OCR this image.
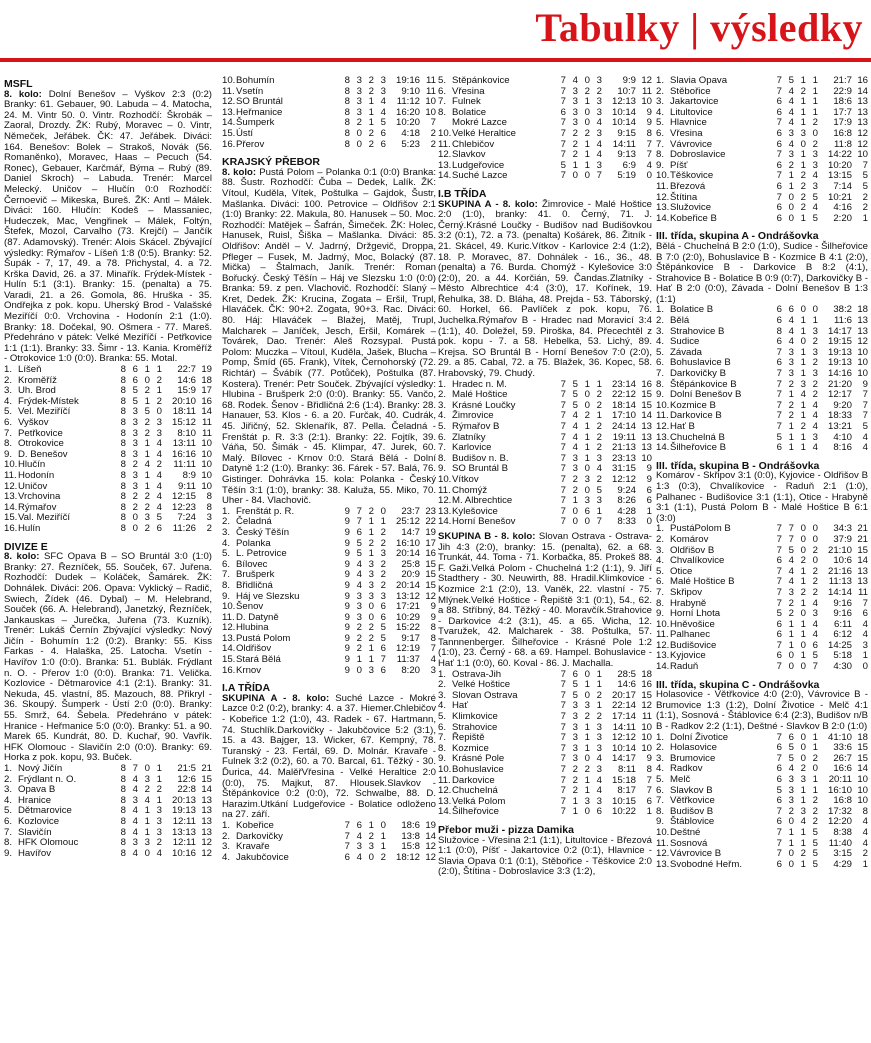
Tabulky | výsledky
MSFL
8. kolo: Dolní Benešov – Vyškov 2:3 (0:2) Branky: 61. Gebauer, 90. Labuda – 4. Matocha, 24. M. Vintr 50. 0. Vintr. Rozhodčí: Škrobák – Zaoral, Drozdy. ŽK: Rubý, Moravec – 0. Vintr, Němeček, Jeřábek. ČK: 47. Jeřábek. Diváci: 164. Benešov: Bolek – Strakoš, Novák (56. Romaněnko), Moravec, Haas – Pecuch (54. Ronec), Gebauer, Karčmář, Býma – Rubý (89. Daniel Skroch) – Labuda. Trenér: Marcel Melecký. Uničov – Hlučín 0:0 Rozhodčí: Černoevič – Mikeska, Bureš. ŽK: Antl – Málek. Diváci: 160. Hlučín: Kodeš – Massaniec, Hudeczek, Mac, Vengřinek – Málek, Foltýn, Štefek, Mozol, Carvalho (73. Krejčí) – Jančík (87. Adamovský). Trenér: Alois Skácel. Zbývající výsledky: Rýmařov - Líšeň 1:8 (0:5). Branky: 52. Šupák - 7, 17, 49. a 78. Přichystal, 4. a 72. Krška David, 26. a 37. Minařík. Frýdek-Místek - Hulín 5:1 (3:1). Branky: 15. (penalta) a 75. Varadi, 21. a 26. Gomola, 86. Hruška - 35. Ondřejka z pok. kopu. Uherský Brod - Valašské Meziříčí 0:0. Vrchovina - Hodonín 2:1 (1:0). Branky: 18. Dočekal, 90. Ošmera - 77. Mareš. Předehráno v pátek: Velké Meziříčí - Petřkovice 1:1 (1:1). Branky: 33. Šimr - 13. Kania. Kroměříž - Otrokovice 1:0 (0:0). Branka: 55. Motal.
1.	Líšeň	8	6	1	1	22:7	19
2.	Kroměříž	8	6	0	2	14:6	18
3.	Uh. Brod	8	5	2	1	15:9	17
4.	Frýdek-Místek	8	5	1	2	20:10	16
5.	Vel. Meziříčí	8	3	5	0	18:11	14
6.	Vyškov	8	3	2	3	15:12	11
7.	Petřkovice	8	3	2	3	8:10	11
8.	Otrokovice	8	3	1	4	13:11	10
9.	D. Benešov	8	3	1	4	16:16	10
10.	Hlučín	8	2	4	2	11:11	10
11.	Hodonín	8	3	1	4	8:9	10
12.	Uničov	8	3	1	4	9:11	10
13.	Vrchovina	8	2	2	4	12:15	8
14.	Rýmařov	8	2	2	4	12:23	8
15.	Val. Meziříčí	8	0	3	5	7:24	3
16.	Hulín	8	0	2	6	11:26	2
DIVIZE E
8. kolo: SFC Opava B – SO Bruntál 3:0 (1:0) Branky: 27. Řezníček, 55. Souček, 67. Juřena. Rozhodčí: Dudek – Koláček, Šamárek. ŽK: Dohnálek. Diváci: 206. Opava: Vyklický – Radič, Swiech, Žídek (46. Dybal) – M. Helebrand, Souček (66. A. Helebrand), Janetzký, Řezníček, Jankauskas – Jurečka, Juřena (73. Kuzník). Trenér: Lukáš Černín Zbývající výsledky: Nový Jičín - Bohumín 1:2 (0:2). Branky: 55. Kiss Farkas - 4. Halaška, 25. Latocha. Vsetín - Havířov 1:0 (0:0). Branka: 51. Bublák. Frýdlant n. O. - Přerov 1:0 (0:0). Branka: 71. Velička. Kozlovice - Dětmarovice 4:1 (2:1). Branky: 31. Nekuda, 45. vlastní, 85. Mazouch, 88. Přikryl - 36. Skoupý. Šumperk - Ústí 2:0 (0:0). Branky: 55. Smrž, 64. Šebela. Předehráno v pátek: Hranice - Heřmanice 5:0 (0:0). Branky: 51. a 90. Marek 65. Kundrát, 80. D. Kuchař, 90. Vavřík. HFK Olomouc - Slavičín 2:0 (0:0). Branky: 69. Horka z pok. kopu, 93. Buček.
1.	Nový Jičín	8	7	0	1	21:5	21
2.	Frýdlant n. O.	8	4	3	1	12:6	15
3.	Opava B	8	4	2	2	22:8	14
4.	Hranice	8	3	4	1	20:13	13
5.	Dětmarovice	8	4	1	3	19:13	13
6.	Kozlovice	8	4	1	3	12:11	13
7.	Slavičín	8	4	1	3	13:13	13
8.	HFK Olomouc	8	3	3	2	12:11	12
9.	Havířov	8	4	0	4	10:16	12
10.	Bohumín	8	3	2	3	19:16	11
11.	Vsetín	8	3	2	3	9:10	11
12.	SO Bruntál	8	3	1	4	11:12	10
13.	Heřmanice	8	3	1	4	16:20	10
14.	Šumperk	8	2	1	5	10:20	7
15.	Ústí	8	0	2	6	4:18	2
16.	Přerov	8	0	2	6	5:23	2
KRAJSKÝ PŘEBOR
8. kolo: Pustá Polom – Polanka 0:1 (0:0) Branka: 88. Šustr. Rozhodčí: Čuba – Dedek, Lalík. ŽK: Vítoul, Kuděla, Vítek, Poštulka – Gajdok, Šustr, Mašlanka. Diváci: 100. Petrovice – Oldřišov 2:1 (1:0) Branky: 22. Makula, 80. Hanusek – 50. Moc. Rozhodčí: Matějek – Šafrán, Šimeček. ŽK: Holec, Hanusek, Ruisl, Šiška – Mašlanka. Diváci: 85. Oldřišov: Anděl – V. Jadrný, Držgevič, Droppa, Pfleger – Fusek, M. Jadrný, Moc, Bolacký (87. Mička) – Štalmach, Janík. Trenér: Roman Bořucký. Český Těšín – Háj ve Slezsku 1:0 (0:0) Branka: 59. z pen. Vlachovič. Rozhodčí: Slaný – Kret, Dedek. ŽK: Krucina, Zogata – Eršil, Trupl, Hlaváček. ČK: 90+2. Zogata, 90+3. Rac. Diváci: 80. Háj: Hlaváček – Blažej, Matěj, Trupl, Malcharek – Janíček, Jesch, Eršil, Komárek – Továrek, Dao. Trenér: Aleš Rozsypal. Pustá Polom: Muczka – Vítoul, Kuděla, Jašek, Blucha – Pomp, Šmíd (65. Frank), Vítek, Černohorský (72. Richtár) – Švábík (77. Potůček), Poštulka (87. Kostera). Trenér: Petr Souček. Zbývající výsledky: Hlubina - Brušperk 2:0 (0:0). Branky: 55. Vančo, 68. Rodek. Šenov - Břidličná 2:6 (1:4). Branky: 28. Hanauer, 53. Klos - 6. a 20. Furčak, 40. Cudrák, 45. Jiřičný, 52. Sklenařík, 87. Pella. Čeladná - Frenštát p. R. 3:3 (2:1). Branky: 22. Fojtík, 39. Váňa, 50. Šimák - 45. Klimpar, 47. Jurek, 60. Malý. Bílovec - Krnov 0:0. Stará Bělá - Dolní Datyně 1:2 (1:0). Branky: 36. Fárek - 57. Balá, 76. Gistinger. Dohrávka 15. kola: Polanka - Český Těšín 3:1 (1:0), branky: 38. Kaluža, 55. Miko, 70. Uher - 84. Vlachovič.
1.	Frenštát p. R.	9	7	2	0	23:7	23
2.	Čeladná	9	7	1	1	25:12	22
3.	Český Těšín	9	6	1	2	14:7	19
4.	Polanka	9	5	2	2	16:10	17
5.	L. Petrovice	9	5	1	3	20:14	16
6.	Bílovec	9	4	3	2	25:8	15
7.	Brušperk	9	4	3	2	20:9	15
8.	Břidličná	9	4	3	2	20:14	15
9.	Háj ve Slezsku	9	3	3	3	13:12	12
10.	Šenov	9	3	0	6	17:21	9
11.	D. Datyně	9	3	0	6	10:29	9
12.	Hlubina	9	2	2	5	15:22	8
13.	Pustá Polom	9	2	2	5	9:17	8
14.	Oldřišov	9	2	1	6	12:19	7
15.	Stará Bělá	9	1	1	7	11:37	4
16.	Krnov	9	0	3	6	8:20	3
I.A TŘÍDA
SKUPINA A - 8. kolo: Suché Lazce - Mokré Lazce 0:2 (0:2), branky: 4. a 37. Hiemer.Chlebičov - Kobeřice 1:2 (1:0), 43. Radek - 67. Hartmann, 74. Stuchlík.Darkovičky - Jakubčovice 5:2 (3:1), 15. a 43. Bajger, 13. Wicker, 67. Kempný, 78. Turanský - 23. Fertál, 69. D. Molnár. Kravaře - Fulnek 3:2 (0:2), 60. a 70. Barcal, 61. Těžký - 30. Ďurica, 44. MalěřVřesina - Velké Heraltice 2:0 (0:0), 75. Majkut, 87. Hlousek.Slavkov - Štěpánkovice 0:2 (0:0), 72. Schwalbe, 88. D. Harazim.Utkání Ludgeřovice - Bolatice odloženo na 27. září.
1.	Kobeřice	7	6	1	0	18:6	19
2.	Darkovičky	7	4	2	1	13:8	14
3.	Kravaře	7	3	3	1	15:8	12
4.	Jakubčovice	6	4	0	2	18:12	12
5.	Štěpánkovice	7	4	0	3	9:9	12
6.	Vřesina	7	3	2	2	10:7	11
7.	Fulnek	7	3	1	3	12:13	10
8.	Bolatice	6	3	0	3	10:14	9
	Mokré Lazce	7	3	0	4	10:14	9
10.	Velké Heraltice	7	2	2	3	9:15	8
11.	Chlebičov	7	2	1	4	14:11	7
12.	Slavkov	7	2	1	4	9:13	7
13.	Ludgeřovice	5	1	1	3	6:9	4
14.	Suché Lazce	7	0	0	7	5:19	0
I.B TŘÍDA
SKUPINA A - 8. kolo: Žimrovice - Malé Hoštice 2:0 (1:0), branky: 41. 0. Černý, 71. J. Černý.Krásné Loučky - Budišov nad Budišovkou 3:2 (0:1), 72. a 73. (penalta) Košárek, 86. Žitník - 21. Skácel, 49. Kuric.Vítkov - Karlovice 2:4 (1:2), 18. P. Moravec, 87. Dohnálek - 16., 36., 48. (penalta) a 76. Burda. Chomýž - Kylešovice 3:0 (2:0), 20. a 44. Korčián, 59. Čandas.Zlatníky - Město Albrechtice 4:4 (3:0), 17. Kořínek, 19. Řehulka, 38. D. Bláha, 48. Prejda - 53. Táborský, 60. Horkel, 66. Pavlíček z pok. kopu, 76. Juchelka.Rýmařov B - Hradec nad Moravicí 3:4 (1:1), 40. Doležel, 59. Piroška, 84. Přecechtěl z pok. kopu - 7. a 58. Hebelka, 53. Lichý, 89. Krejsa. SO Bruntál B - Horní Benešov 7:0 (2:0), 29. a 85. Cabal, 72. a 75. Blažek, 36. Kopec, 58. Hrabovský, 79. Chudý.
1.	Hradec n. M.	7	5	1	1	23:14	16
2.	Malé Hoštice	7	5	0	2	22:12	15
3.	Krásné Loučky	7	5	0	2	18:14	15
4.	Žimrovice	7	4	2	1	17:10	14
5.	Rýmařov B	7	4	1	2	24:14	13
6.	Zlatníky	7	4	1	2	19:11	13
7.	Karlovice	7	4	1	2	21:13	13
8.	Budišov n. B.	7	3	1	3	23:13	10
9.	SO Bruntál B	7	3	0	4	31:15	9
10.	Vítkov	7	2	3	2	12:12	9
11.	Chomýž	7	2	0	5	9:24	6
12.	M. Albrechtice	7	1	3	3	8:26	6
13.	Kylešovice	7	0	6	1	4:28	1
14.	Horní Benešov	7	0	0	7	8:33	0
SKUPINA B - 8. kolo: Slovan Ostrava - Ostrava-Jih 4:3 (2:0), branky: 15. (penalta), 62. a 68. Trunkát, 44. Toma - 71. Korbačka, 85. Prokeš 88. F. Gaži.Velká Polom - Chuchelná 1:2 (1:1), 9. Jiří Stadthery - 30. Neuwirth, 88. Hradil.Klimkovice - Kozmice 2:1 (2:0), 13. Vaněk, 22. vlastní - 75. Mlýnek.Velké Hoštice - Řepiště 3:1 (0:1), 54., 62. a 88. Stříbný, 84. Těžký - 40. Moravčík.Strahovice - Darkovice 4:2 (3:1), 45. a 65. Wicha, 12. Tvaružek, 42. Malcharek - 38. Poštulka, 57. Tannnenberger. Šilheřovice - Krásné Pole 1:2 (1:0), 23. Černý - 68. a 69. Hampel. Bohuslavice - Hať 1:1 (0:0), 60. Koval - 86. J. Machalla.
1.	Ostrava-Jih	7	6	0	1	28:5	18
2.	Velké Hoštice	7	5	1	1	14:6	16
3.	Slovan Ostrava	7	5	0	2	20:17	15
4.	Hať	7	3	3	1	22:14	12
5.	Klimkovice	7	3	2	2	17:14	11
6.	Strahovice	7	3	1	3	14:11	10
7.	Řepiště	7	3	1	3	12:12	10
8.	Kozmice	7	3	1	3	10:14	10
9.	Krásné Pole	7	3	0	4	14:17	9
10.	Bohuslavice	7	2	2	3	8:11	8
11.	Darkovice	7	2	1	4	15:18	7
12.	Chuchelná	7	2	1	4	8:17	7
13.	Velká Polom	7	1	3	3	10:15	6
14.	Šilheřovice	7	1	0	6	10:22	1
Přebor muži - pizza Damika
Služovice - Vřesina 2:1 (1:1), Litultovice - Březová 1:1 (0:0), Píšť - Jakartovice 0:2 (0:1), Hlavnice - Slavia Opava 0:1 (0:1), Stěbořice - Těškovice 2:0 (2:0), Štítina - Dobroslavice 3:3 (1:2),
1.	Slavia Opava	7	5	1	1	21:7	16
2.	Stěbořice	7	4	2	1	22:9	14
3.	Jakartovice	6	4	1	1	18:6	13
4.	Litultovice	6	4	1	1	17:7	13
5.	Hlavnice	7	4	1	2	17:9	13
6.	Vřesina	6	3	3	0	16:8	12
7.	Vávrovice	6	4	0	2	11:8	12
8.	Dobroslavice	7	3	1	3	14:22	10
9.	Píšť	6	2	1	3	10:20	7
10.	Těškovice	7	1	2	4	13:15	5
11.	Březová	6	1	2	3	7:14	5
12.	Štítina	7	0	2	5	10:21	2
13.	Služovice	6	0	2	4	4:16	2
14.	Kobeřice B	6	0	1	5	2:20	1
III. třída, skupina A - Ondrášovka
Bělá - Chuchelná B 2:0 (1:0), Sudice - Šilheřovice B 7:0 (2:0), Bohuslavice B - Kozmice B 4:1 (2:0), Štěpánkovice B - Darkovice B 8:2 (4:1), Strahovice B - Bolatice B 0:9 (0:7), Darkovičky B - Hať B 2:0 (0:0), Závada - Dolní Benešov B 1:3 (1:1)
1.	Bolatice B	6	6	0	0	38:2	18
2.	Bělá	6	4	1	1	11:6	13
3.	Strahovice B	8	4	1	3	14:17	13
4.	Sudice	6	4	0	2	19:15	12
5.	Závada	7	3	1	3	19:13	10
6.	Bohuslavice B	6	3	1	2	19:13	10
7.	Darkovičky B	7	3	1	3	14:16	10
8.	Štěpánkovice B	7	2	3	2	21:20	9
9.	Dolní Benešov B	7	1	4	2	12:17	7
10.	Kozmice B	7	2	1	4	9:20	7
11.	Darkovice B	7	2	1	4	18:33	7
12.	Hať B	7	1	2	4	13:21	5
13.	Chuchelná B	5	1	1	3	4:10	4
14.	Šilheřovice B	6	1	1	4	8:16	4
III. třída, skupina B - Ondrášovka
Komárov - Skřipov 3:1 (0:0), Kyjovice - Oldřišov B 1:3 (0:3), Chvalíkovice - Raduň 2:1 (1:0), Palhanec - Budišovice 3:1 (1:1), Otice - Hrabyně 3:1 (1:1), Pustá Polom B - Malé Hoštice B 6:1 (3:0)
1.	PustáPolom B	7	7	0	0	34:3	21
2.	Komárov	7	7	0	0	37:9	21
3.	Oldřišov B	7	5	0	2	21:10	15
4.	Chvalíkovice	6	4	2	0	10:6	14
5.	Otice	7	4	1	2	21:16	13
6.	Malé Hoštice B	7	4	1	2	11:13	13
7.	Skřipov	7	3	2	2	14:14	11
8.	Hrabyně	7	2	1	4	9:16	7
9.	Horní Lhota	5	2	0	3	9:16	6
10.	Hněvošice	6	1	1	4	6:11	4
11.	Palhanec	6	1	1	4	6:12	4
12.	Budišovice	7	1	0	6	14:25	3
13.	Kyjovice	6	0	1	5	5:18	1
14.	Raduň	7	0	0	7	4:30	0
III. třída, skupina C - Ondrášovka
Holasovice - Větřkovice 4:0 (2:0), Vávrovice B - Brumovice 1:3 (1:2), Dolní Životice - Melč 4:1 (1:1), Sosnová - Štáblovice 6:4 (2:3), Budišov n/B B - Radkov 2:2 (1:1), Deštné - Slavkov B 2:0 (1:0)
1.	Dolní Životice	7	6	0	1	41:10	18
2.	Holasovice	6	5	0	1	33:6	15
3.	Brumovice	7	5	0	2	26:7	15
4.	Radkov	6	4	2	0	16:6	14
5.	Melč	6	3	3	1	20:11	10
6.	Slavkov B	5	3	1	1	16:10	10
7.	Větřkovice	6	3	1	2	16:8	10
8.	Budišov B	7	2	3	2	17:32	8
9.	Štáblovice	6	0	4	2	12:20	4
10.	Deštné	7	1	1	5	8:38	4
11.	Sosnová	7	1	1	5	11:40	4
12.	Vávrovice B	7	0	2	5	3:15	2
13.	Svobodné Heřm.	6	0	1	5	4:29	1
